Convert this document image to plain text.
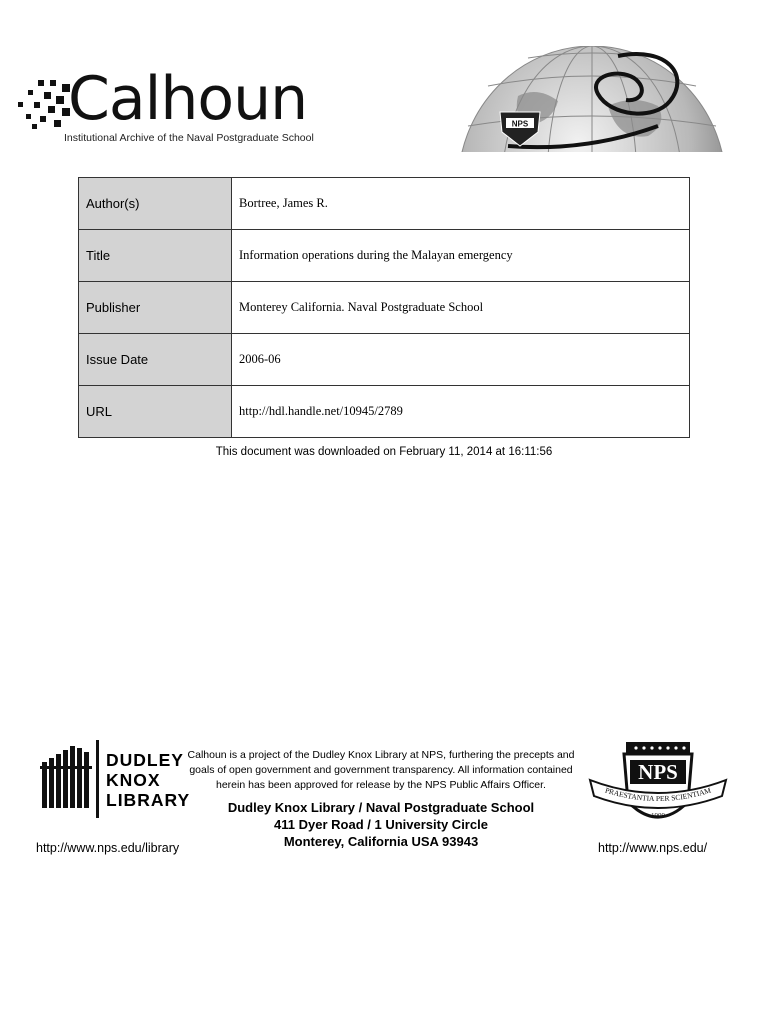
Calhoun
Institutional Archive of the Naval Postgraduate School
NPS
Author(s)	Bortree, James R.
Title	Information operations during the Malayan emergency
Publisher	Monterey California. Naval Postgraduate School
Issue Date	2006-06
URL	http://hdl.handle.net/10945/2789
This document was downloaded on February 11, 2014 at 16:11:56
DUDLEY
KNOX
LIBRARY
http://www.nps.edu/library
Calhoun is a project of the Dudley Knox Library at NPS, furthering the precepts and goals of open government and government transparency. All information contained herein has been approved for release by the NPS Public Affairs Officer.
Dudley Knox Library / Naval Postgraduate School
411 Dyer Road / 1 University Circle
Monterey, California USA 93943
NPS
PRAESTANTIA PER SCIENTIAM
1909
http://www.nps.edu/
